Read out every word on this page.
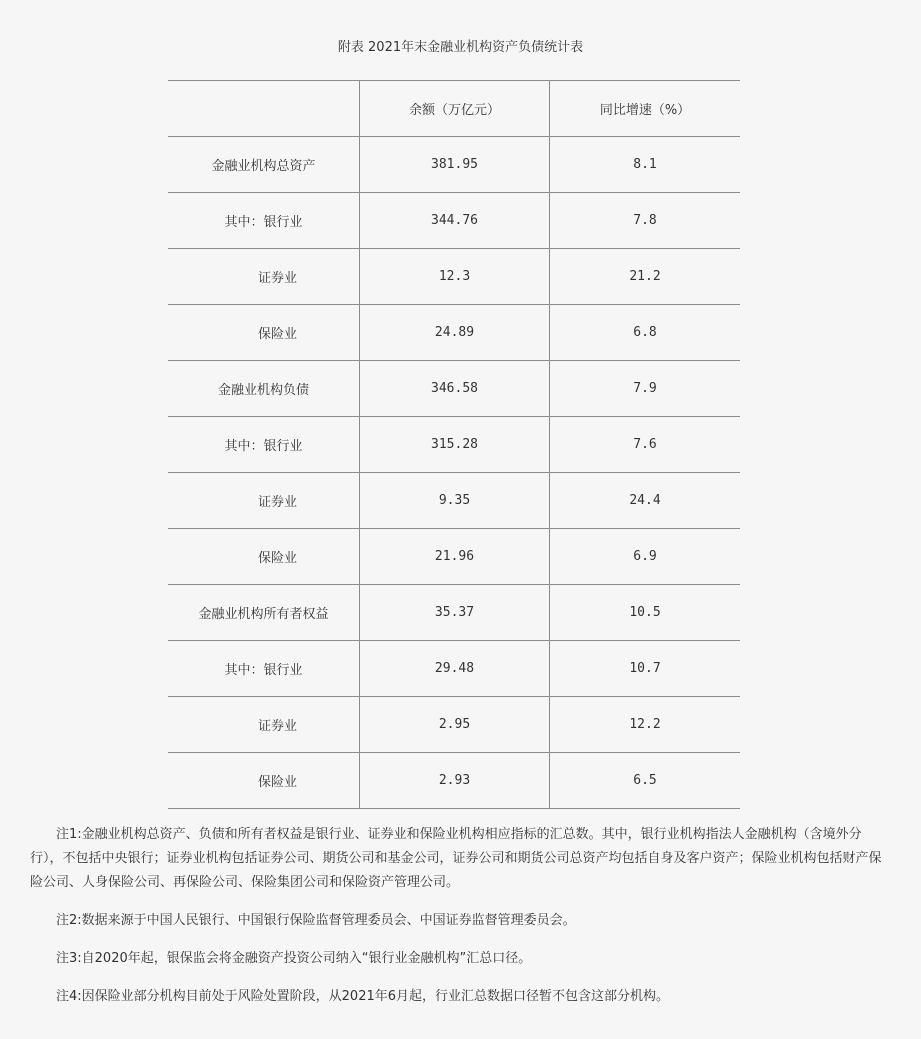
附表 2021年末金融业机构资产负债统计表
	余额（万亿元）	同比增速（%）
金融业机构总资产	381.95	8.1
其中：银行业	344.76	7.8
证券业	12.3	21.2
保险业	24.89	6.8
金融业机构负债	346.58	7.9
其中：银行业	315.28	7.6
证券业	9.35	24.4
保险业	21.96	6.9
金融业机构所有者权益	35.37	10.5
其中：银行业	29.48	10.7
证券业	2.95	12.2
保险业	2.93	6.5

注1:金融业机构总资产、负债和所有者权益是银行业、证券业和保险业机构相应指标的汇总数。其中，银行业机构指法人金融机构（含境外分行），不包括中央银行；证券业机构包括证券公司、期货公司和基金公司，证券公司和期货公司总资产均包括自身及客户资产；保险业机构包括财产保险公司、人身保险公司、再保险公司、保险集团公司和保险资产管理公司。

注2:数据来源于中国人民银行、中国银行保险监督管理委员会、中国证券监督管理委员会。

注3:自2020年起，银保监会将金融资产投资公司纳入“银行业金融机构”汇总口径。

注4:因保险业部分机构目前处于风险处置阶段，从2021年6月起，行业汇总数据口径暂不包含这部分机构。
